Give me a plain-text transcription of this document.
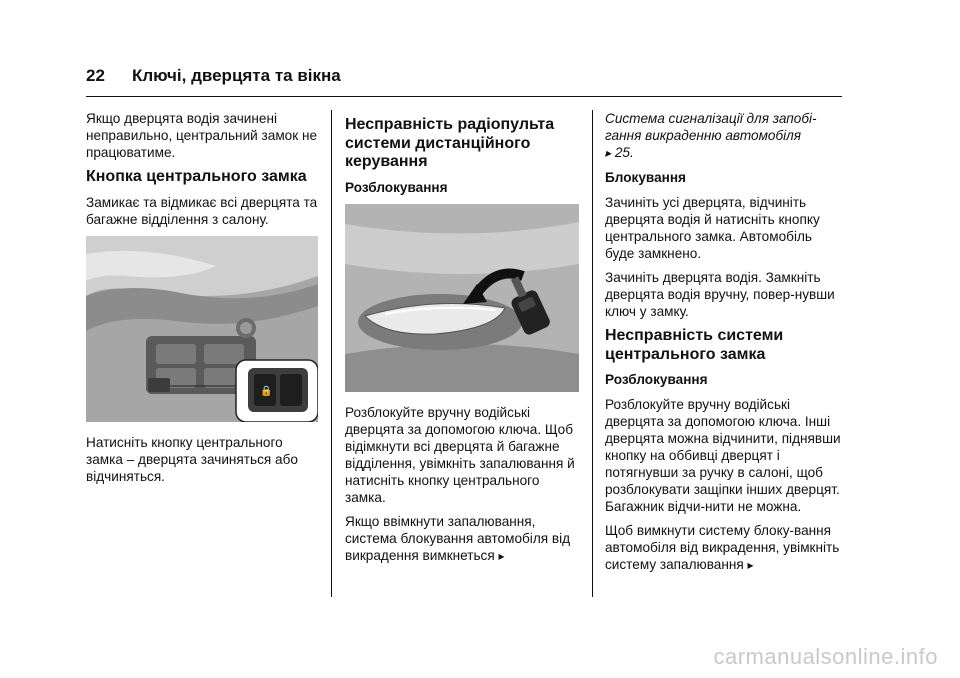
22	Ключі, дверцята та вікна

Якщо дверцята водія зачинені неправильно, центральний замок не працюватиме.

Кнопка центрального замка

Замикає та відмикає всі дверцята та багажне відділення з салону.

🔒

Натисніть кнопку центрального замка – дверцята зачиняться або відчиняться.

Несправність радіопульта системи дистанційного керування
Розблокування

Розблокуйте вручну водійські дверцята за допомогою ключа. Щоб відімкнути всі дверцята й багажне відділення, увімкніть запалювання й натисніть кнопку центрального замка.

Якщо ввімкнути запалювання, система блокування автомобіля від викрадення вимкнеться ▸

Система сигналізації для запобі-гання викраденню автомобіля
▸ 25.

Блокування

Зачиніть усі дверцята, відчиніть дверцята водія й натисніть кнопку центрального замка. Автомобіль буде замкнено.

Зачиніть дверцята водія. Замкніть дверцята водія вручну, повер-нувши ключ у замку.

Несправність системи центрального замка
Розблокування

Розблокуйте вручну водійські дверцята за допомогою ключа. Інші дверцята можна відчинити, піднявши кнопку на оббивці дверцят і потягнувши за ручку в салоні, щоб розблокувати защіпки інших дверцят. Багажник відчи-нити не можна.

Щоб вимкнути систему блоку-вання автомобіля від викрадення, увімкніть систему запалювання ▸

carmanualsonline.info
